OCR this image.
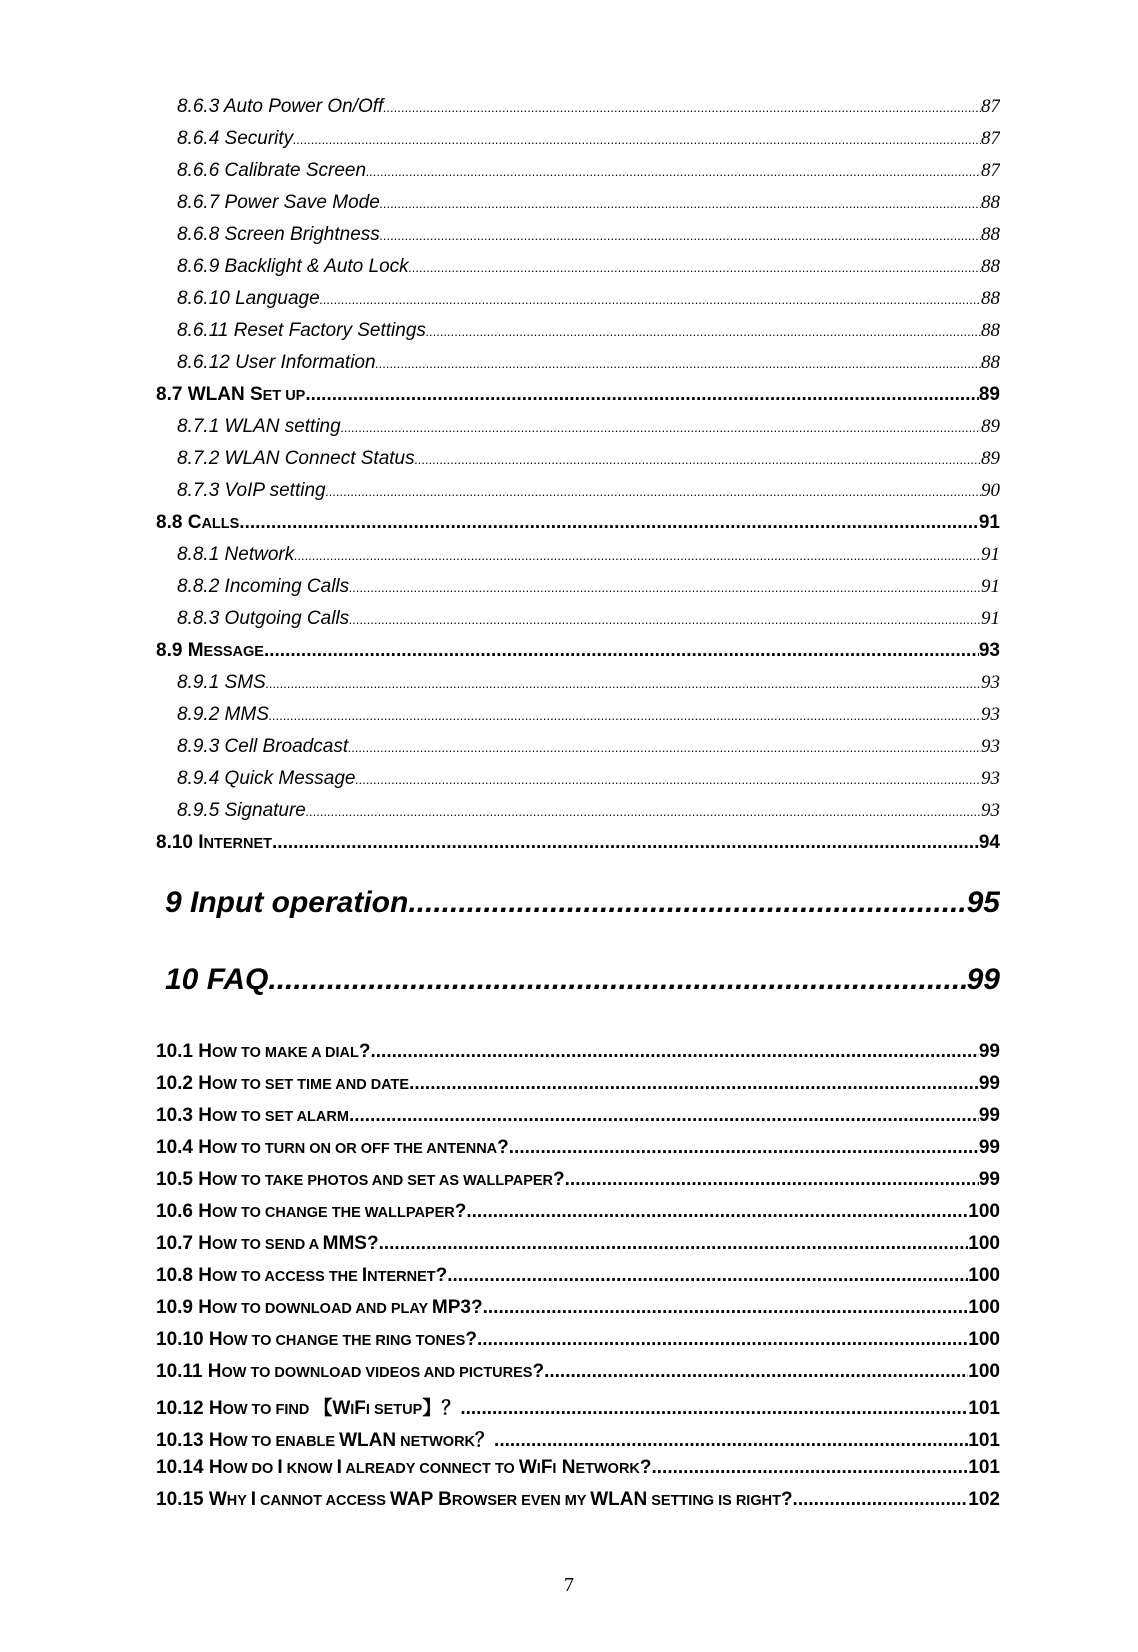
8.6.3 Auto Power On/Off .....	87
8.6.4 Security .....	87
8.6.6 Calibrate Screen .....	87
8.6.7 Power Save Mode .....	88
8.6.8 Screen Brightness .....	88
8.6.9 Backlight & Auto Lock .....	88
8.6.10 Language .....	88
8.6.11 Reset Factory Settings .....	88
8.6.12 User Information .....	88
8.7 WLAN SET UP .....	89
8.7.1 WLAN setting .....	89
8.7.2 WLAN Connect Status .....	89
8.7.3 VoIP setting .....	90
8.8 CALLS .....	91
8.8.1 Network .....	91
8.8.2 Incoming Calls .....	91
8.8.3 Outgoing Calls .....	91
8.9 MESSAGE .....	93
8.9.1 SMS .....	93
8.9.2 MMS .....	93
8.9.3 Cell Broadcast .....	93
8.9.4 Quick Message .....	93
8.9.5 Signature .....	93
8.10 INTERNET .....	94
9 Input operation .....	95
10 FAQ .....	99
10.1 HOW TO MAKE A DIAL? .....	99
10.2 HOW TO SET TIME AND DATE .....	99
10.3 HOW TO SET ALARM .....	99
10.4 HOW TO TURN ON OR OFF THE ANTENNA? .....	99
10.5 HOW TO TAKE PHOTOS AND SET AS WALLPAPER? .....	99
10.6 HOW TO CHANGE THE WALLPAPER? .....	100
10.7 HOW TO SEND A MMS? .....	100
10.8 HOW TO ACCESS THE INTERNET? .....	100
10.9 HOW TO DOWNLOAD AND PLAY MP3? .....	100
10.10 HOW TO CHANGE THE RING TONES? .....	100
10.11 HOW TO DOWNLOAD VIDEOS AND PICTURES? .....	100
10.12 HOW TO FIND 【WIFI SETUP】？ .....	101
10.13 HOW TO ENABLE WLAN NETWORK？ .....	101
10.14 HOW DO I KNOW I ALREADY CONNECT TO WIFI NETWORK? .....	101
10.15 WHY I CANNOT ACCESS WAP BROWSER EVEN MY WLAN SETTING IS RIGHT? .....	102
7
